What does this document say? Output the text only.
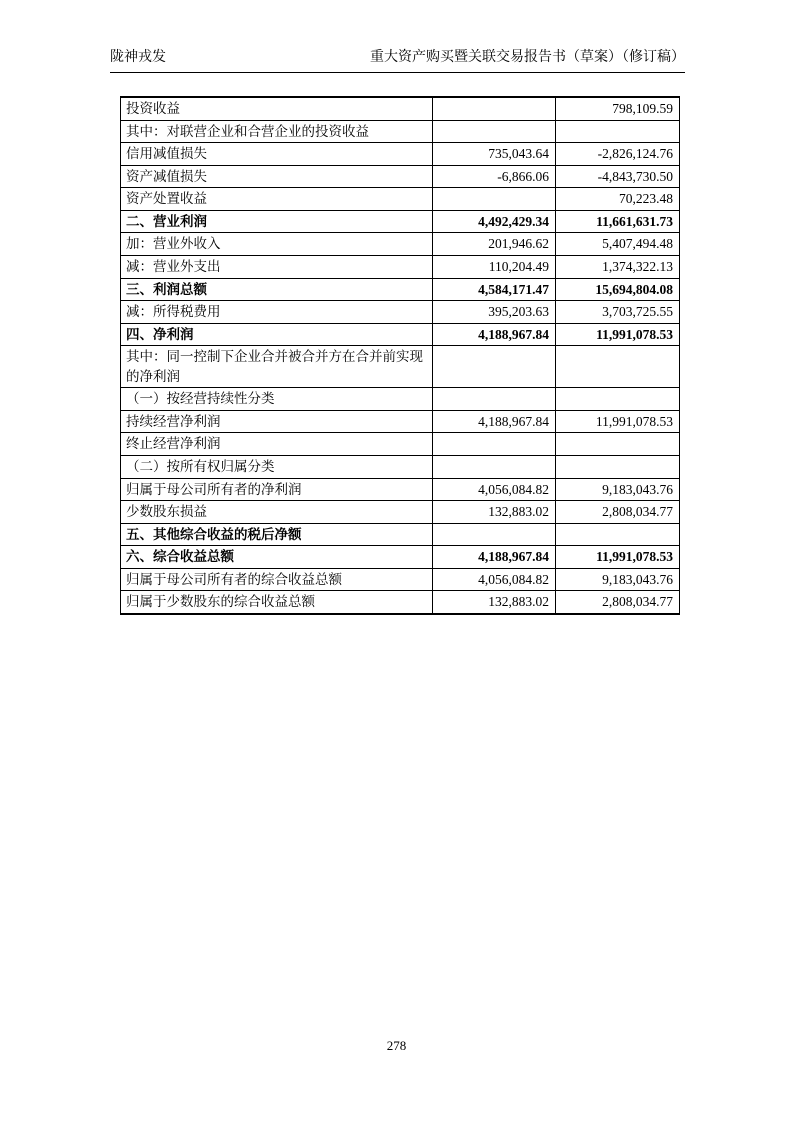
陇神戎发	重大资产购买暨关联交易报告书（草案）（修订稿）
投资收益		798,109.59
其中：对联营企业和合营企业的投资收益		
信用减值损失	735,043.64	-2,826,124.76
资产减值损失	-6,866.06	-4,843,730.50
资产处置收益		70,223.48
二、营业利润	4,492,429.34	11,661,631.73
加：营业外收入	201,946.62	5,407,494.48
减：营业外支出	110,204.49	1,374,322.13
三、利润总额	4,584,171.47	15,694,804.08
减：所得税费用	395,203.63	3,703,725.55
四、净利润	4,188,967.84	11,991,078.53
其中：同一控制下企业合并被合并方在合并前实现的净利润		
（一）按经营持续性分类		
持续经营净利润	4,188,967.84	11,991,078.53
终止经营净利润		
（二）按所有权归属分类		
归属于母公司所有者的净利润	4,056,084.82	9,183,043.76
少数股东损益	132,883.02	2,808,034.77
五、其他综合收益的税后净额		
六、综合收益总额	4,188,967.84	11,991,078.53
归属于母公司所有者的综合收益总额	4,056,084.82	9,183,043.76
归属于少数股东的综合收益总额	132,883.02	2,808,034.77
278
